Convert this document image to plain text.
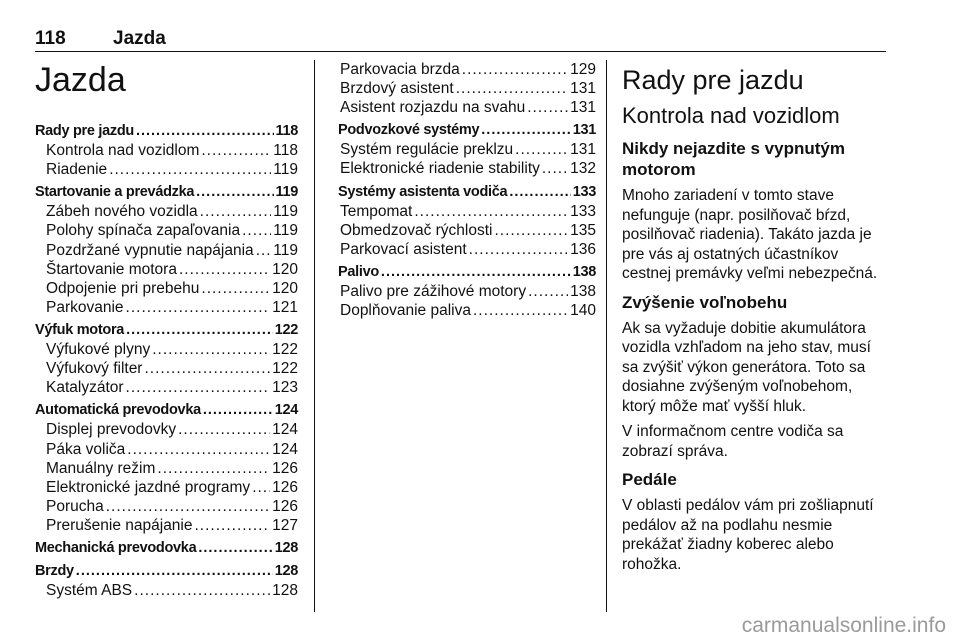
118 Jazda
Jazda
Rady pre jazdu .....	118
Kontrola nad vozidlom .....	118
Riadenie .....	119
Startovanie a prevádzka .....	119
Zábeh nového vozidla .....	119
Polohy spínača zapaľovania ..... 119
Pozdržané vypnutie napájania ..... 119
Štartovanie motora .....	120
Odpojenie pri prebehu .....	120
Parkovanie .....	121
Výfuk motora .....	122
Výfukové plyny .....	122
Výfukový filter .....	122
Katalyzátor .....	123
Automatická prevodovka .....	124
Displej prevodovky .....	124
Páka voliča .....	124
Manuálny režim .....	126
Elektronické jazdné programy ..... 126
Porucha .....	126
Prerušenie napájanie .....	127
Mechanická prevodovka .....	128
Brzdy .....	128
Systém ABS .....	128
Parkovacia brzda .....	129
Brzdový asistent .....	131
Asistent rozjazdu na svahu .....	131
Podvozkové systémy .....	131
Systém regulácie preklzu .....	131
Elektronické riadenie stability ..... 132
Systémy asistenta vodiča .....	133
Tempomat .....	133
Obmedzovač rýchlosti .....	135
Parkovací asistent .....	136
Palivo .....	138
Palivo pre zážihové motory .....	138
Doplňovanie paliva .....	140
Rady pre jazdu
Kontrola nad vozidlom
Nikdy nejazdite s vypnutým motorom

Mnoho zariadení v tomto stave nefunguje (napr. posilňovač bŕzd, posilňovač riadenia). Takáto jazda je pre vás aj ostatných účastníkov cestnej premávky veľmi nebezpečná.

Zvýšenie voľnobehu

Ak sa vyžaduje dobitie akumulátora vozidla vzhľadom na jeho stav, musí sa zvýšiť výkon generátora. Toto sa dosiahne zvýšeným voľnobehom, ktorý môže mať vyšší hluk.

V informačnom centre vodiča sa zobrazí správa.

Pedále

V oblasti pedálov vám pri zošliapnutí pedálov až na podlahu nesmie prekážať žiadny koberec alebo rohožka.

carmanualsonline.info
